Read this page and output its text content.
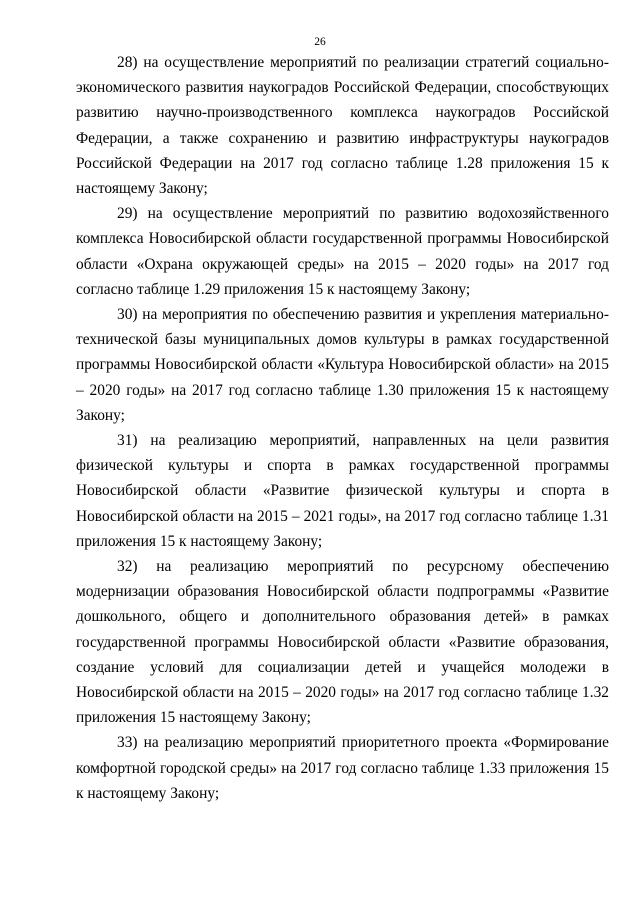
26

28) на осуществление мероприятий по реализации стратегий социально-экономического развития наукоградов Российской Федерации, способствующих развитию научно-производственного комплекса наукоградов Российской Федерации, а также сохранению и развитию инфраструктуры наукоградов Российской Федерации на 2017 год согласно таблице 1.28 приложения 15 к настоящему Закону;

29) на осуществление мероприятий по развитию водохозяйственного комплекса Новосибирской области государственной программы Новосибирской области «Охрана окружающей среды» на 2015 – 2020 годы» на 2017 год согласно таблице 1.29 приложения 15 к настоящему Закону;

30) на мероприятия по обеспечению развития и укрепления материально-технической базы муниципальных домов культуры в рамках государственной программы Новосибирской области «Культура Новосибирской области» на 2015 – 2020 годы» на 2017 год согласно таблице 1.30 приложения 15 к настоящему Закону;

31) на реализацию мероприятий, направленных на цели развития физической культуры и спорта в рамках государственной программы Новосибирской области «Развитие физической культуры и спорта в Новосибирской области на 2015 – 2021 годы», на 2017 год согласно таблице 1.31 приложения 15 к настоящему Закону;

32) на реализацию мероприятий по ресурсному обеспечению модернизации образования Новосибирской области подпрограммы «Развитие дошкольного, общего и дополнительного образования детей» в рамках государственной программы Новосибирской области «Развитие образования, создание условий для социализации детей и учащейся молодежи в Новосибирской области на 2015 – 2020 годы» на 2017 год согласно таблице 1.32 приложения 15 настоящему Закону;

33) на реализацию мероприятий приоритетного проекта «Формирование комфортной городской среды» на 2017 год согласно таблице 1.33 приложения 15 к настоящему Закону;
